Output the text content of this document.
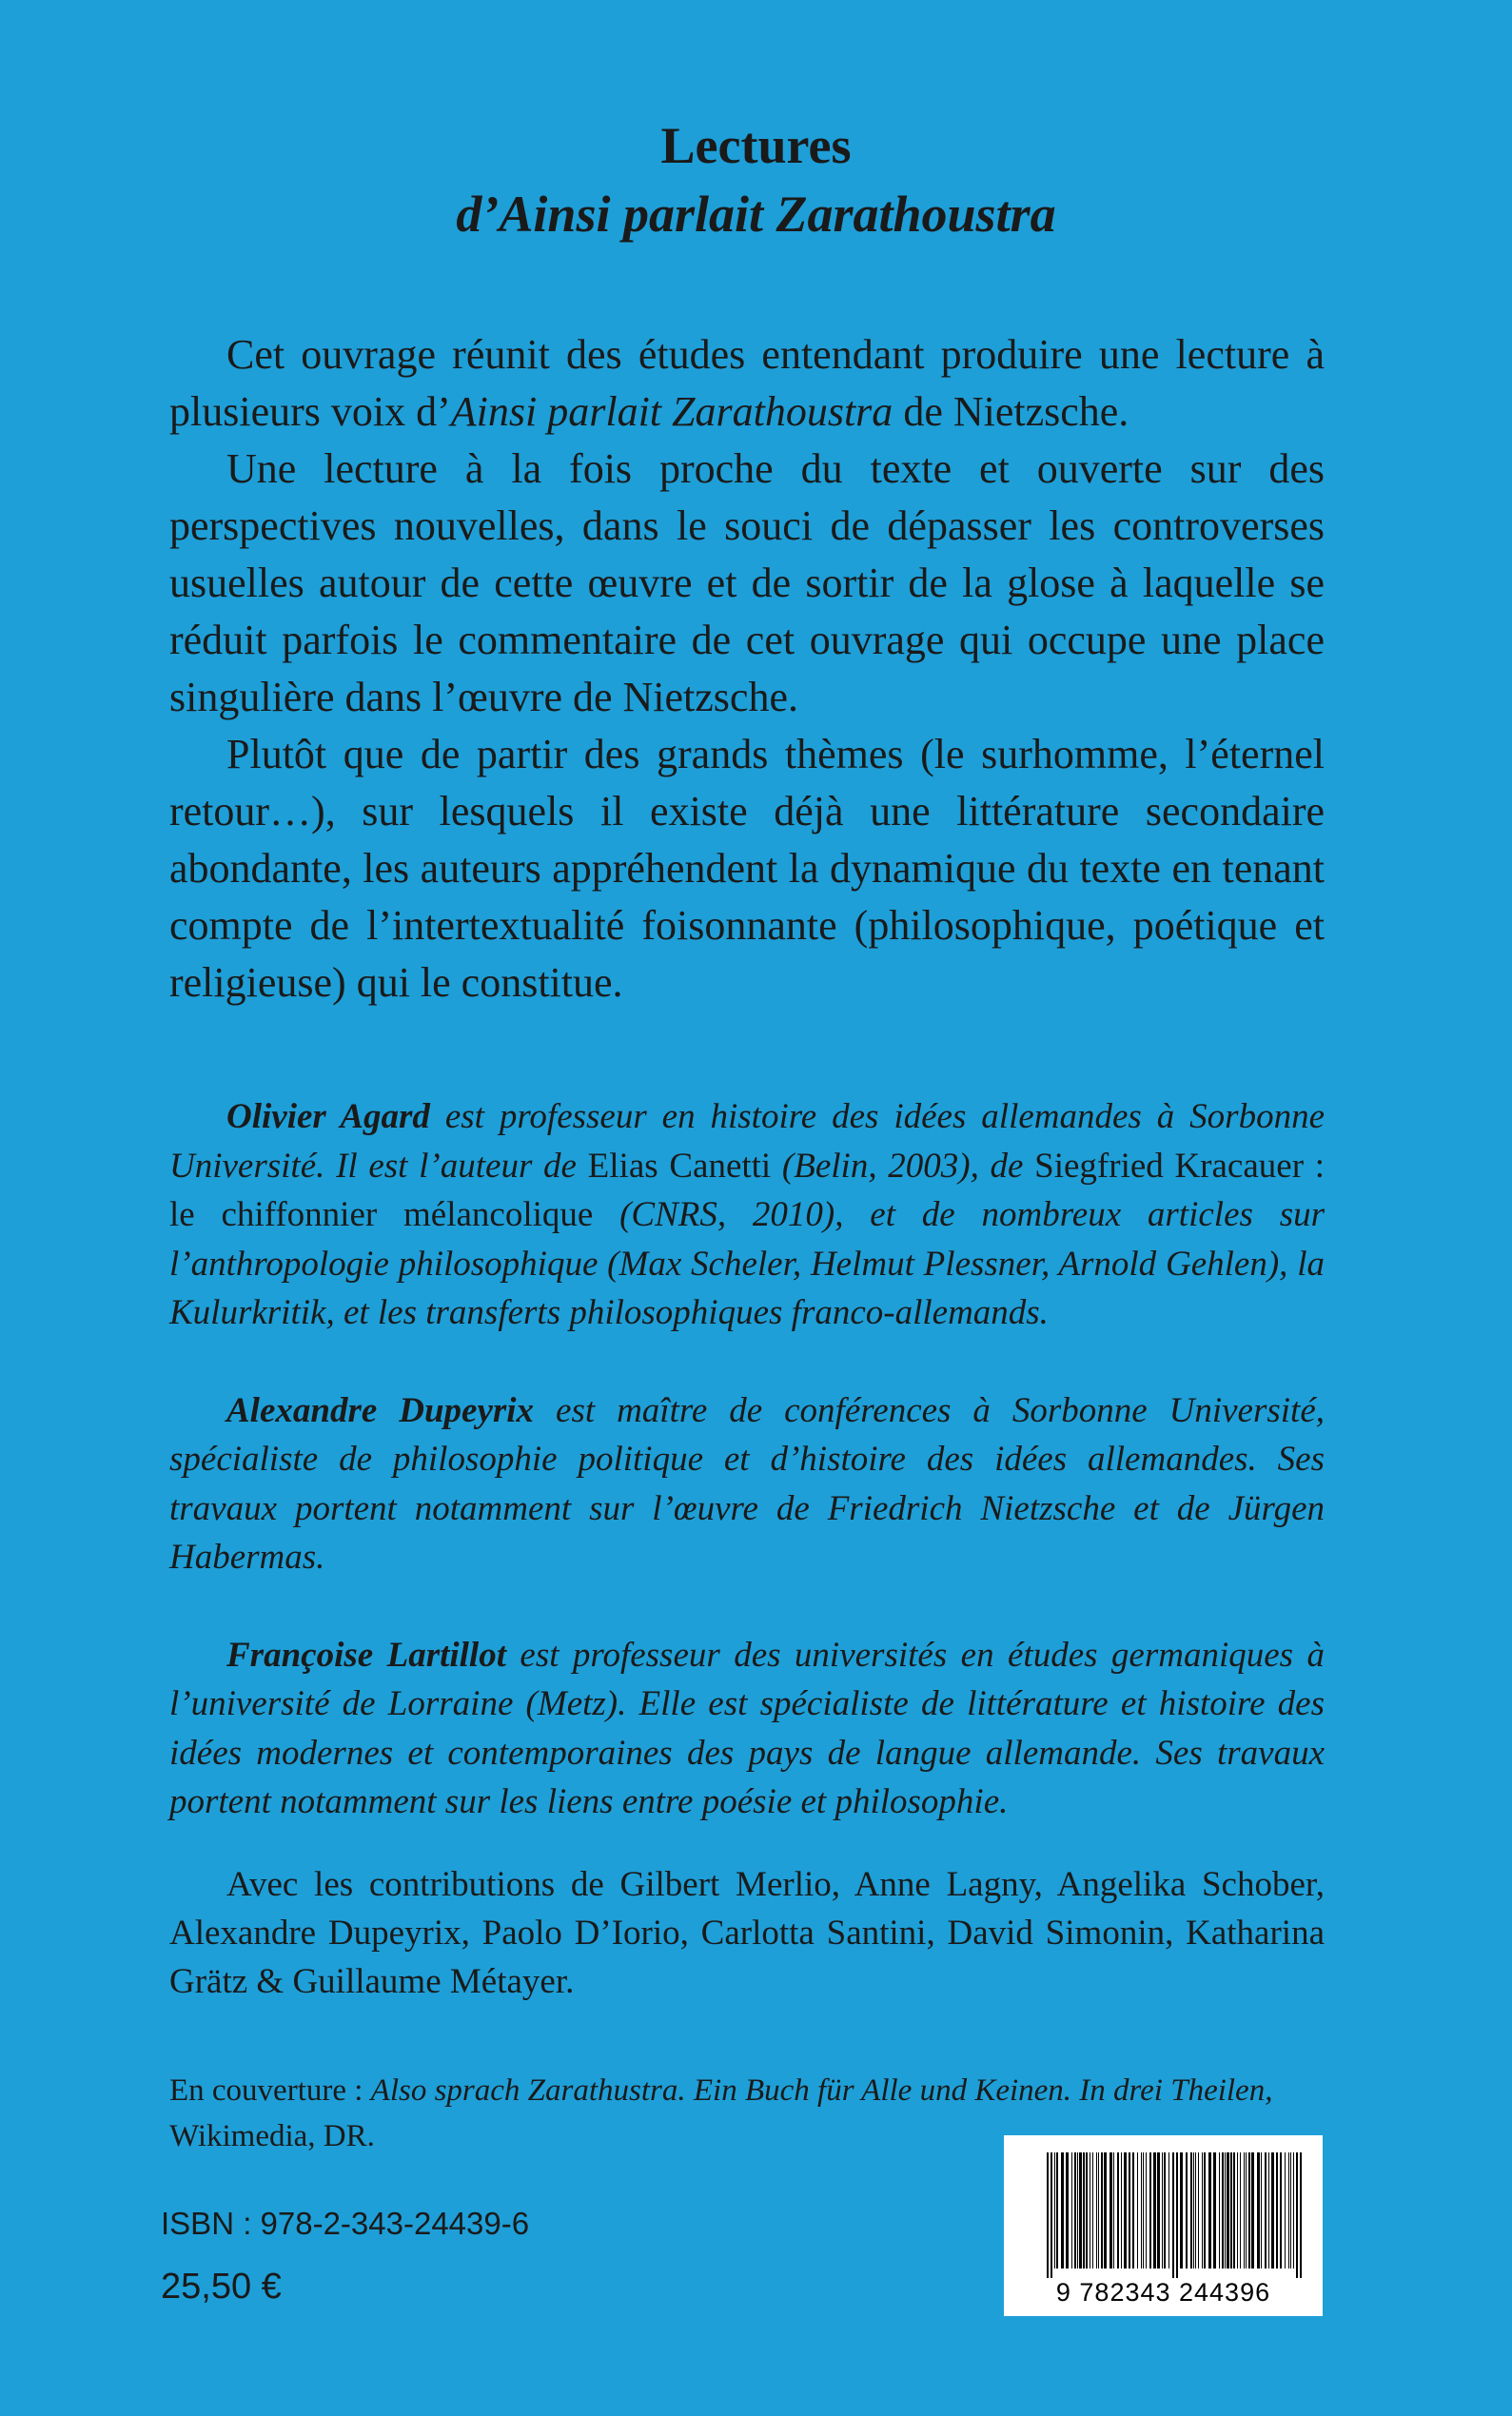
Lectures
d’Ainsi parlait Zarathoustra

Cet ouvrage réunit des études entendant produire une lecture à plusieurs voix d’Ainsi parlait Zarathoustra de Nietzsche.

Une lecture à la fois proche du texte et ouverte sur des perspectives nouvelles, dans le souci de dépasser les controverses usuelles autour de cette œuvre et de sortir de la glose à laquelle se réduit parfois le commentaire de cet ouvrage qui occupe une place singulière dans l’œuvre de Nietzsche.

Plutôt que de partir des grands thèmes (le surhomme, l’éternel retour…), sur lesquels il existe déjà une littérature secondaire abondante, les auteurs appréhendent la dynamique du texte en tenant compte de l’intertextualité foisonnante (philosophique, poétique et religieuse) qui le constitue.

Olivier Agard est professeur en histoire des idées allemandes à Sorbonne Université. Il est l’auteur de Elias Canetti (Belin, 2003), de Siegfried Kracauer : le chiffonnier mélancolique (CNRS, 2010), et de nombreux articles sur l’anthropologie philosophique (Max Scheler, Helmut Plessner, Arnold Gehlen), la Kulurkritik, et les transferts philosophiques franco-allemands.

Alexandre Dupeyrix est maître de conférences à Sorbonne Université, spécialiste de philosophie politique et d’histoire des idées allemandes. Ses travaux portent notamment sur l’œuvre de Friedrich Nietzsche et de Jürgen Habermas.

Françoise Lartillot est professeur des universités en études germaniques à l’université de Lorraine (Metz). Elle est spécialiste de littérature et histoire des idées modernes et contemporaines des pays de langue allemande. Ses travaux portent notamment sur les liens entre poésie et philosophie.

Avec les contributions de Gilbert Merlio, Anne Lagny, Angelika Schober, Alexandre Dupeyrix, Paolo D’Iorio, Carlotta Santini, David Simonin, Katharina Grätz & Guillaume Métayer.

En couverture : Also sprach Zarathustra. Ein Buch für Alle und Keinen. In drei Theilen, Wikimedia, DR.
ISBN : 978-2-343-24439-6
25,50 €	9 782343 244396
